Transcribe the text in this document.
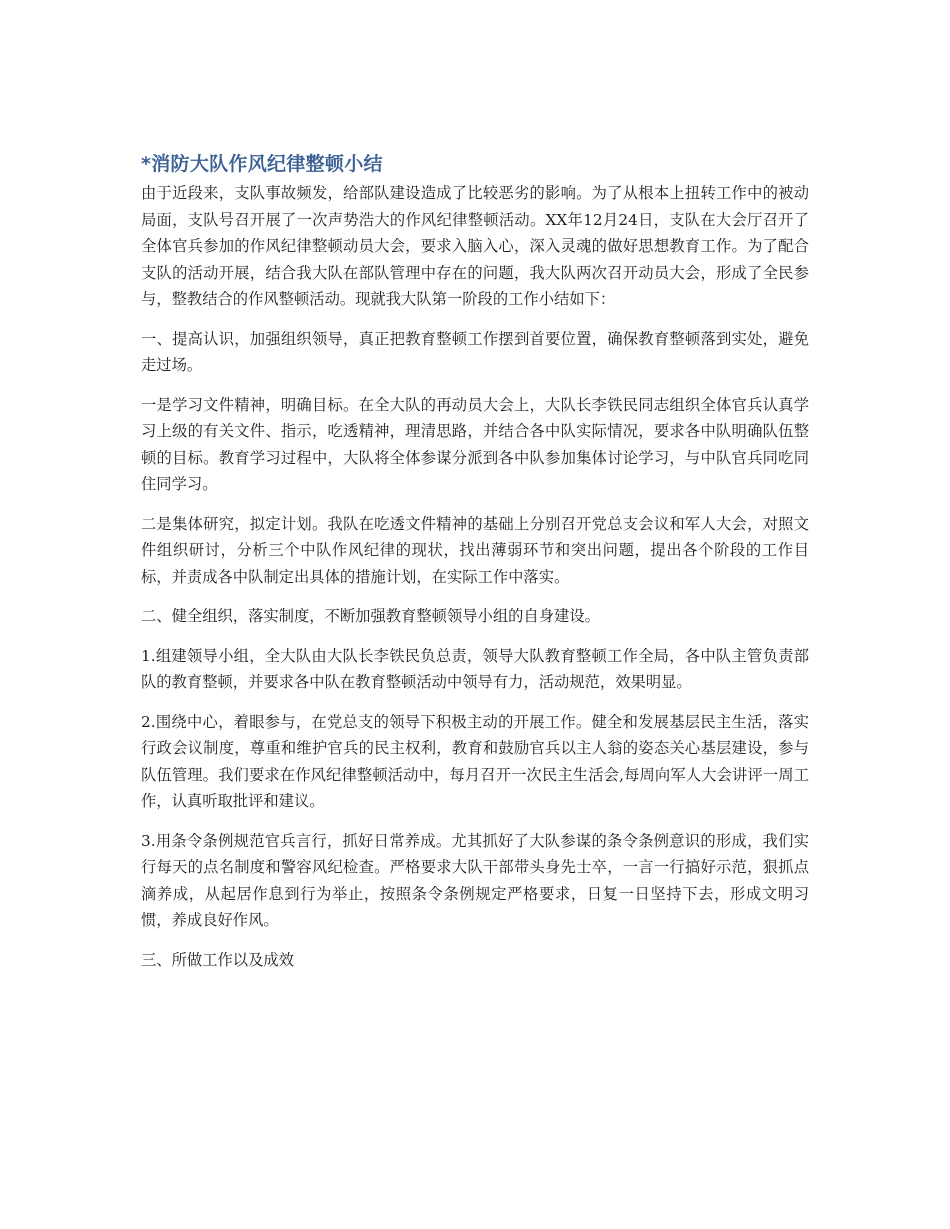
*消防大队作风纪律整顿小结

由于近段来，支队事故频发，给部队建设造成了比较恶劣的影响。为了从根本上扭转工作中的被动局面，支队号召开展了一次声势浩大的作风纪律整顿活动。XX年12月24日，支队在大会厅召开了全体官兵参加的作风纪律整顿动员大会，要求入脑入心，深入灵魂的做好思想教育工作。为了配合支队的活动开展，结合我大队在部队管理中存在的问题，我大队两次召开动员大会，形成了全民参与，整教结合的作风整顿活动。现就我大队第一阶段的工作小结如下：

一、提高认识，加强组织领导，真正把教育整顿工作摆到首要位置，确保教育整顿落到实处，避免走过场。

一是学习文件精神，明确目标。在全大队的再动员大会上，大队长李铁民同志组织全体官兵认真学习上级的有关文件、指示，吃透精神，理清思路，并结合各中队实际情况，要求各中队明确队伍整顿的目标。教育学习过程中，大队将全体参谋分派到各中队参加集体讨论学习，与中队官兵同吃同住同学习。

二是集体研究，拟定计划。我队在吃透文件精神的基础上分别召开党总支会议和军人大会，对照文件组织研讨，分析三个中队作风纪律的现状，找出薄弱环节和突出问题，提出各个阶段的工作目标，并责成各中队制定出具体的措施计划，在实际工作中落实。

二、健全组织，落实制度，不断加强教育整顿领导小组的自身建设。

1.组建领导小组，全大队由大队长李铁民负总责，领导大队教育整顿工作全局，各中队主管负责部队的教育整顿，并要求各中队在教育整顿活动中领导有力，活动规范，效果明显。

2.围绕中心，着眼参与，在党总支的领导下积极主动的开展工作。健全和发展基层民主生活，落实行政会议制度，尊重和维护官兵的民主权利，教育和鼓励官兵以主人翁的姿态关心基层建设，参与队伍管理。我们要求在作风纪律整顿活动中，每月召开一次民主生活会,每周向军人大会讲评一周工作，认真听取批评和建议。

3.用条令条例规范官兵言行，抓好日常养成。尤其抓好了大队参谋的条令条例意识的形成，我们实行每天的点名制度和警容风纪检查。严格要求大队干部带头身先士卒，一言一行搞好示范，狠抓点滴养成，从起居作息到行为举止，按照条令条例规定严格要求，日复一日坚持下去，形成文明习惯，养成良好作风。

三、所做工作以及成效
